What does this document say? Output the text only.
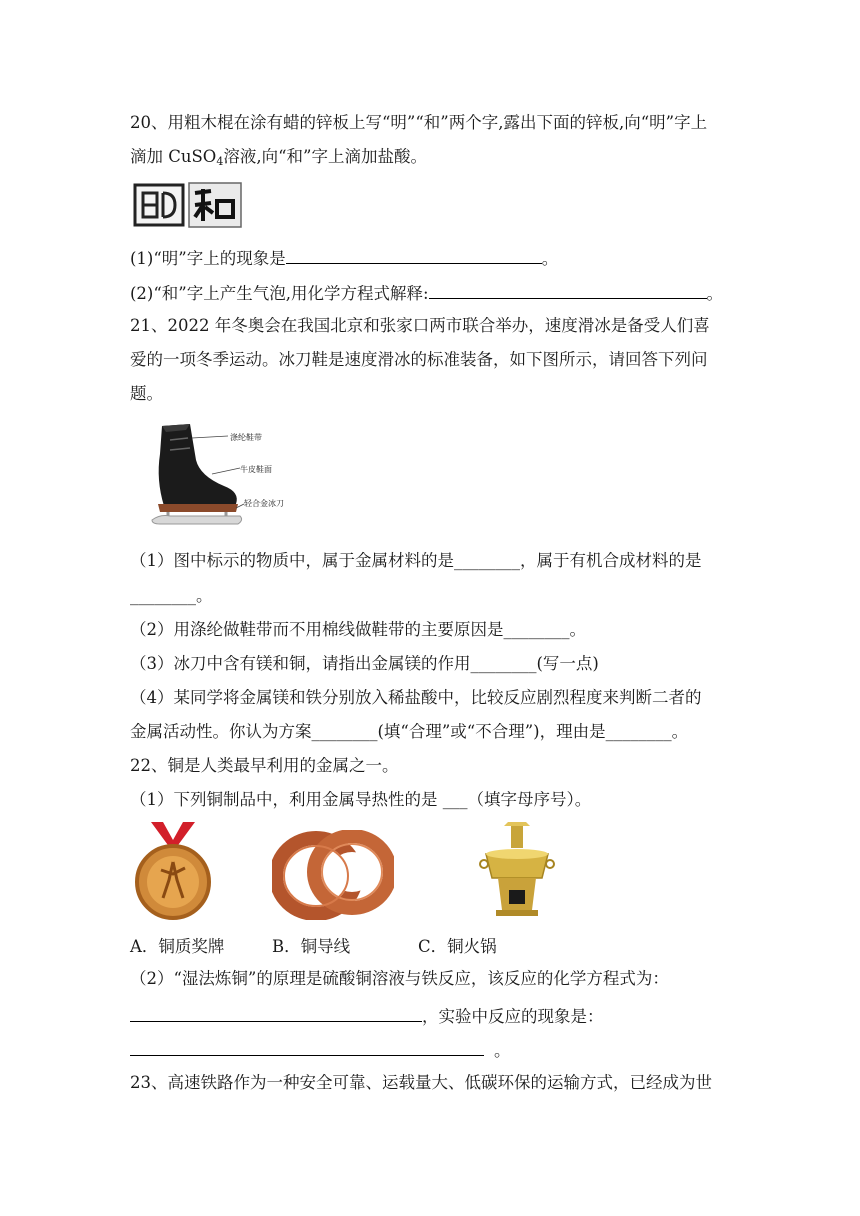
20、用粗木棍在涂有蜡的锌板上写“明”“和”两个字,露出下面的锌板,向“明”字上
滴加 CuSO$_4$溶液,向“和”字上滴加盐酸。
(1)“明”字上的现象是	。
(2)“和”字上产生气泡,用化学方程式解释:	。
21、2022 年冬奥会在我国北京和张家口两市联合举办，速度滑冰是备受人们喜
爱的一项冬季运动。冰刀鞋是速度滑冰的标准装备，如下图所示，请回答下列问
题。
涤纶鞋带
牛皮鞋面
轻合金冰刀
（1）图中标示的物质中，属于金属材料的是________，属于有机合成材料的是
________。
（2）用涤纶做鞋带而不用棉线做鞋带的主要原因是________。
（3）冰刀中含有镁和铜，请指出金属镁的作用________(写一点)
（4）某同学将金属镁和铁分别放入稀盐酸中，比较反应剧烈程度来判断二者的
金属活动性。你认为方案________(填“合理”或“不合理”)，理由是________。
22、铜是人类最早利用的金属之一。
（1）下列铜制品中，利用金属导热性的是 ___（填字母序号）。
A．铜质奖牌	B．铜导线	C．铜火锅
（2）“湿法炼铜”的原理是硫酸铜溶液与铁反应，该反应的化学方程式为：
，实验中反应的现象是：
。
23、高速铁路作为一种安全可靠、运载量大、低碳环保的运输方式，已经成为世
